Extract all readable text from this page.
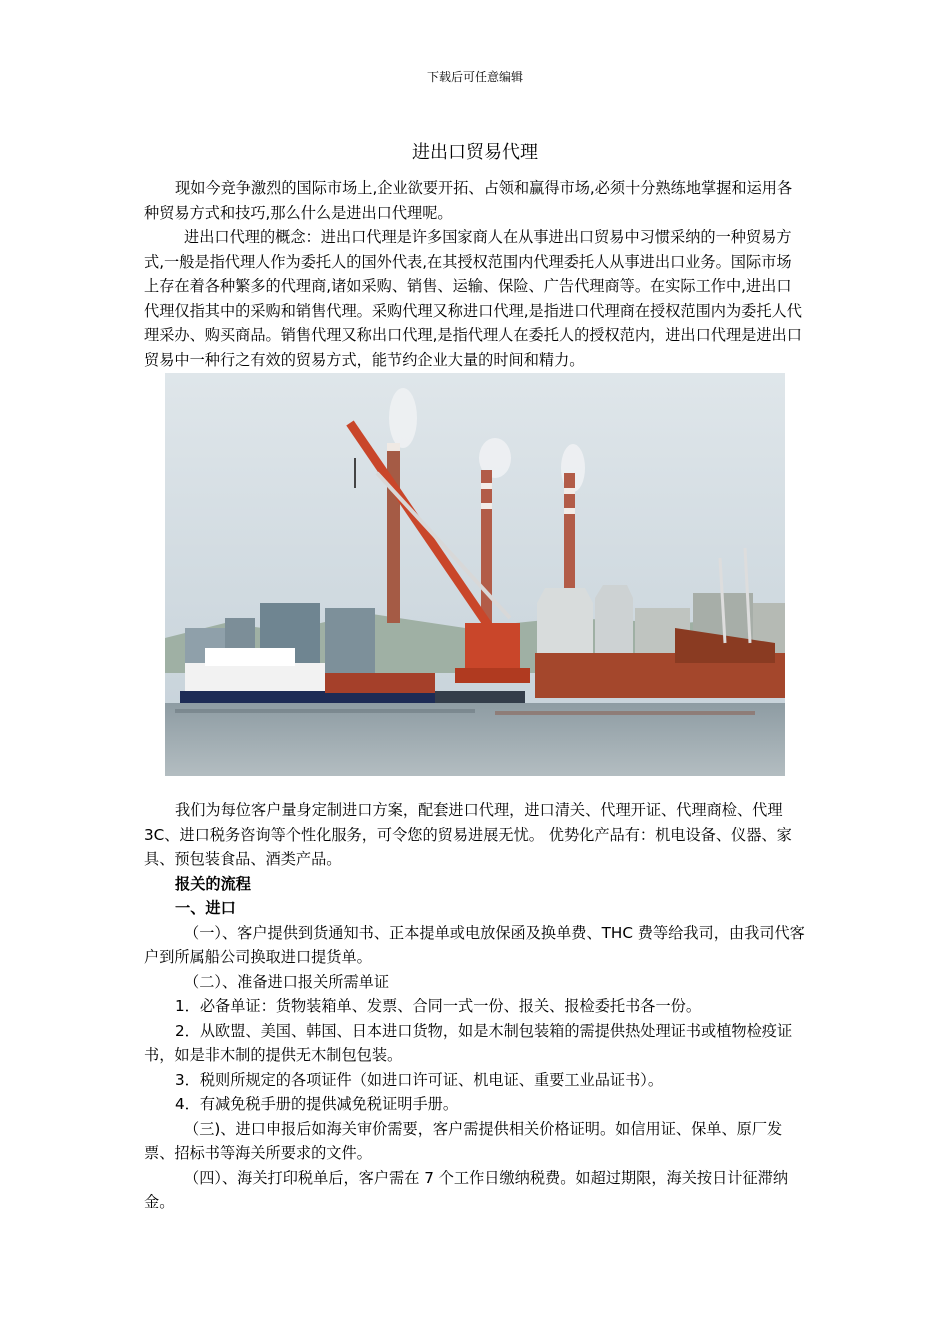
下载后可任意编辑
进出口贸易代理

现如今竞争激烈的国际市场上,企业欲要开拓、占领和赢得市场,必须十分熟练地掌握和运用各种贸易方式和技巧,那么什么是进出口代理呢。

进出口代理的概念：进出口代理是许多国家商人在从事进出口贸易中习惯采纳的一种贸易方式,一般是指代理人作为委托人的国外代表,在其授权范围内代理委托人从事进出口业务。国际市场上存在着各种繁多的代理商,诸如采购、销售、运输、保险、广告代理商等。在实际工作中,进出口代理仅指其中的采购和销售代理。采购代理又称进口代理,是指进口代理商在授权范围内为委托人代理采办、购买商品。销售代理又称出口代理,是指代理人在委托人的授权范内，进出口代理是进出口贸易中一种行之有效的贸易方式，能节约企业大量的时间和精力。

我们为每位客户量身定制进口方案，配套进口代理，进口清关、代理开证、代理商检、代理 3C、进口税务咨询等个性化服务，可令您的贸易进展无忧。 优势化产品有：机电设备、仪器、家具、预包装食品、酒类产品。

报关的流程

一、进口

（一）、客户提供到货通知书、正本提单或电放保函及换单费、THC 费等给我司，由我司代客户到所属船公司换取进口提货单。

（二）、准备进口报关所需单证

1．必备单证：货物装箱单、发票、合同一式一份、报关、报检委托书各一份。

2．从欧盟、美国、韩国、日本进口货物，如是木制包装箱的需提供热处理证书或植物检疫证书，如是非木制的提供无木制包包装。

3．税则所规定的各项证件（如进口许可证、机电证、重要工业品证书）。

4．有减免税手册的提供减免税证明手册。

（三)、进口申报后如海关审价需要，客户需提供相关价格证明。如信用证、保单、原厂发票、招标书等海关所要求的文件。

（四）、海关打印税单后，客户需在 7 个工作日缴纳税费。如超过期限，海关按日计征滞纳金。
